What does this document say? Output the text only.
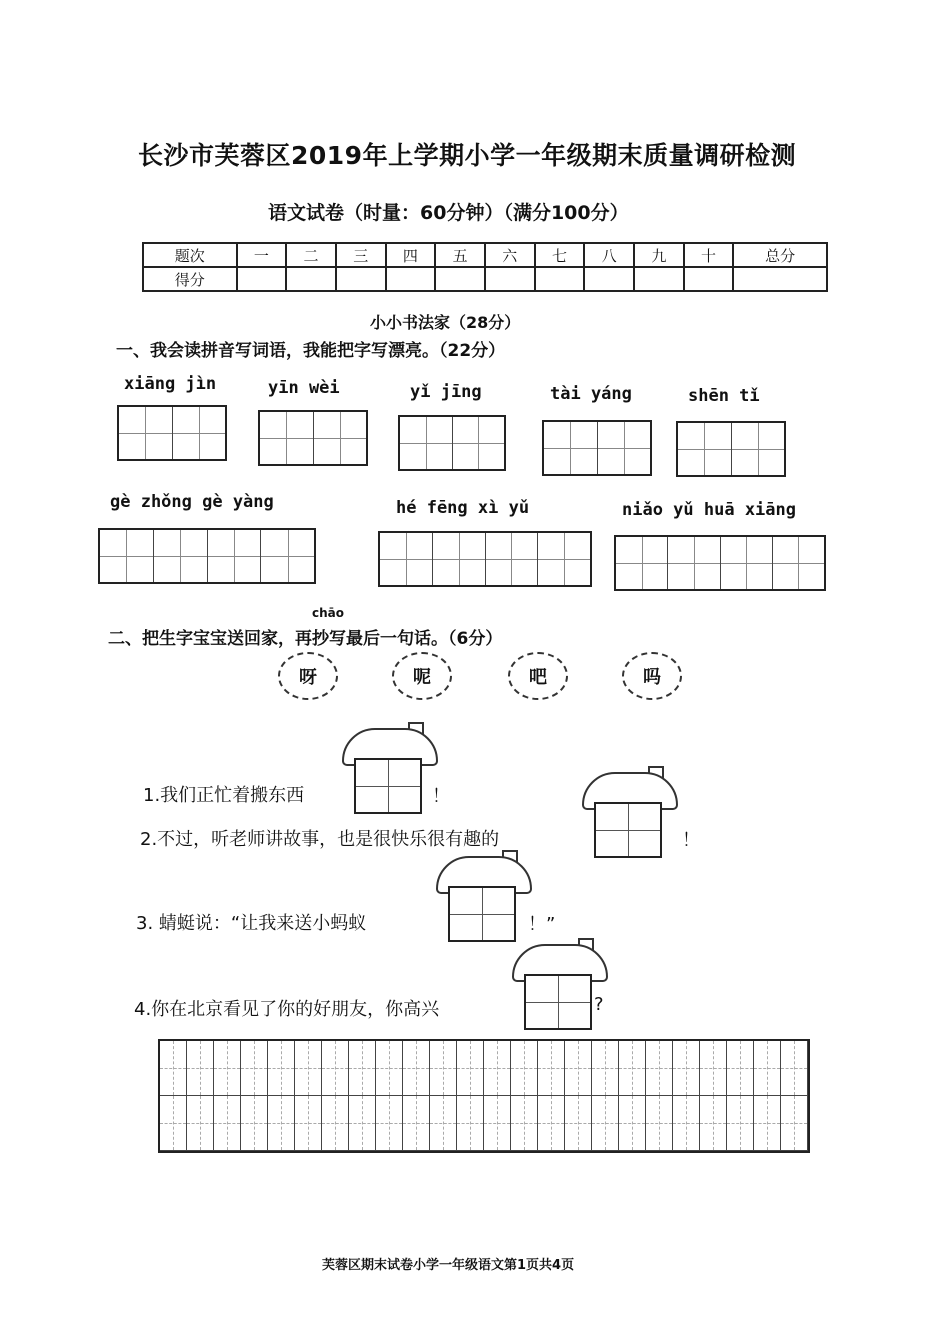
长沙市芙蓉区2019年上学期小学一年级期末质量调研检测
语文试卷（时量：60分钟）（满分100分）
题次	一	二	三	四	五	六	七	八	九	十	总分
得分											
小小书法家（28分）
一、我会读拼音写词语，我能把字写漂亮。（22分）
xiāng jìn	yīn wèi	yǐ jīng	tài yáng	shēn tǐ
gè zhǒng gè yàng	hé fēng xì yǔ	niǎo yǔ huā xiāng
二、把生字宝宝送回家，再
chāo
抄写最后一句话。（6分）
呀	呢	吧	吗
1.我们正忙着搬东西	！
2.不过，听老师讲故事，也是很快乐很有趣的	！
3. 蜻蜓说：“让我来送小蚂蚁	！”
4.你在北京看见了你的好朋友，你高兴	?
芙蓉区期末试卷小学一年级语文第1页共4页
